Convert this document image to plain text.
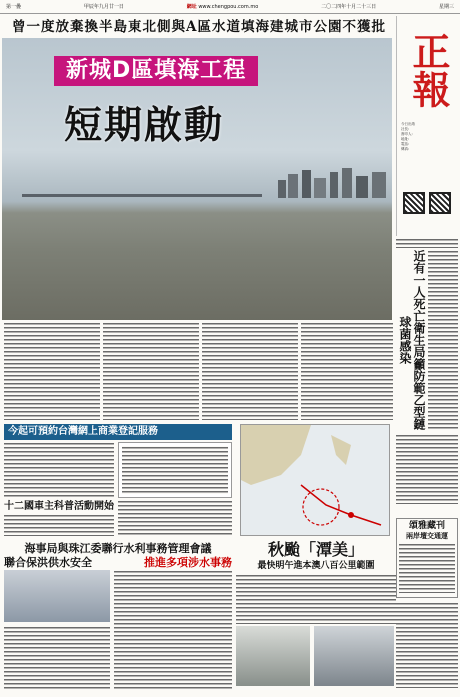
第一疊	甲辰年九月廿一日	網址 www.chengpou.com.mo	二〇二四年十月二十三日	星期三
曾一度放棄換半島東北側與A區水道填海建城市公園不獲批
新城D區填海工程
短期啟動
正報
今日出紙
社長:
督印人:
地址:
電話:
傳真:
近有一人死亡衛生局籲防範乙型鏈球菌感染
今起可預約台灣網上商業登記服務
十二國車主科普活動開始
秋颱「潭美」
最快明午進本澳八百公里範圍
海事局與珠江委聯行水利事務管理會議
聯合保洪供水安全	推進多項涉水事務
頌雅藏刊
兩岸壇交通運
